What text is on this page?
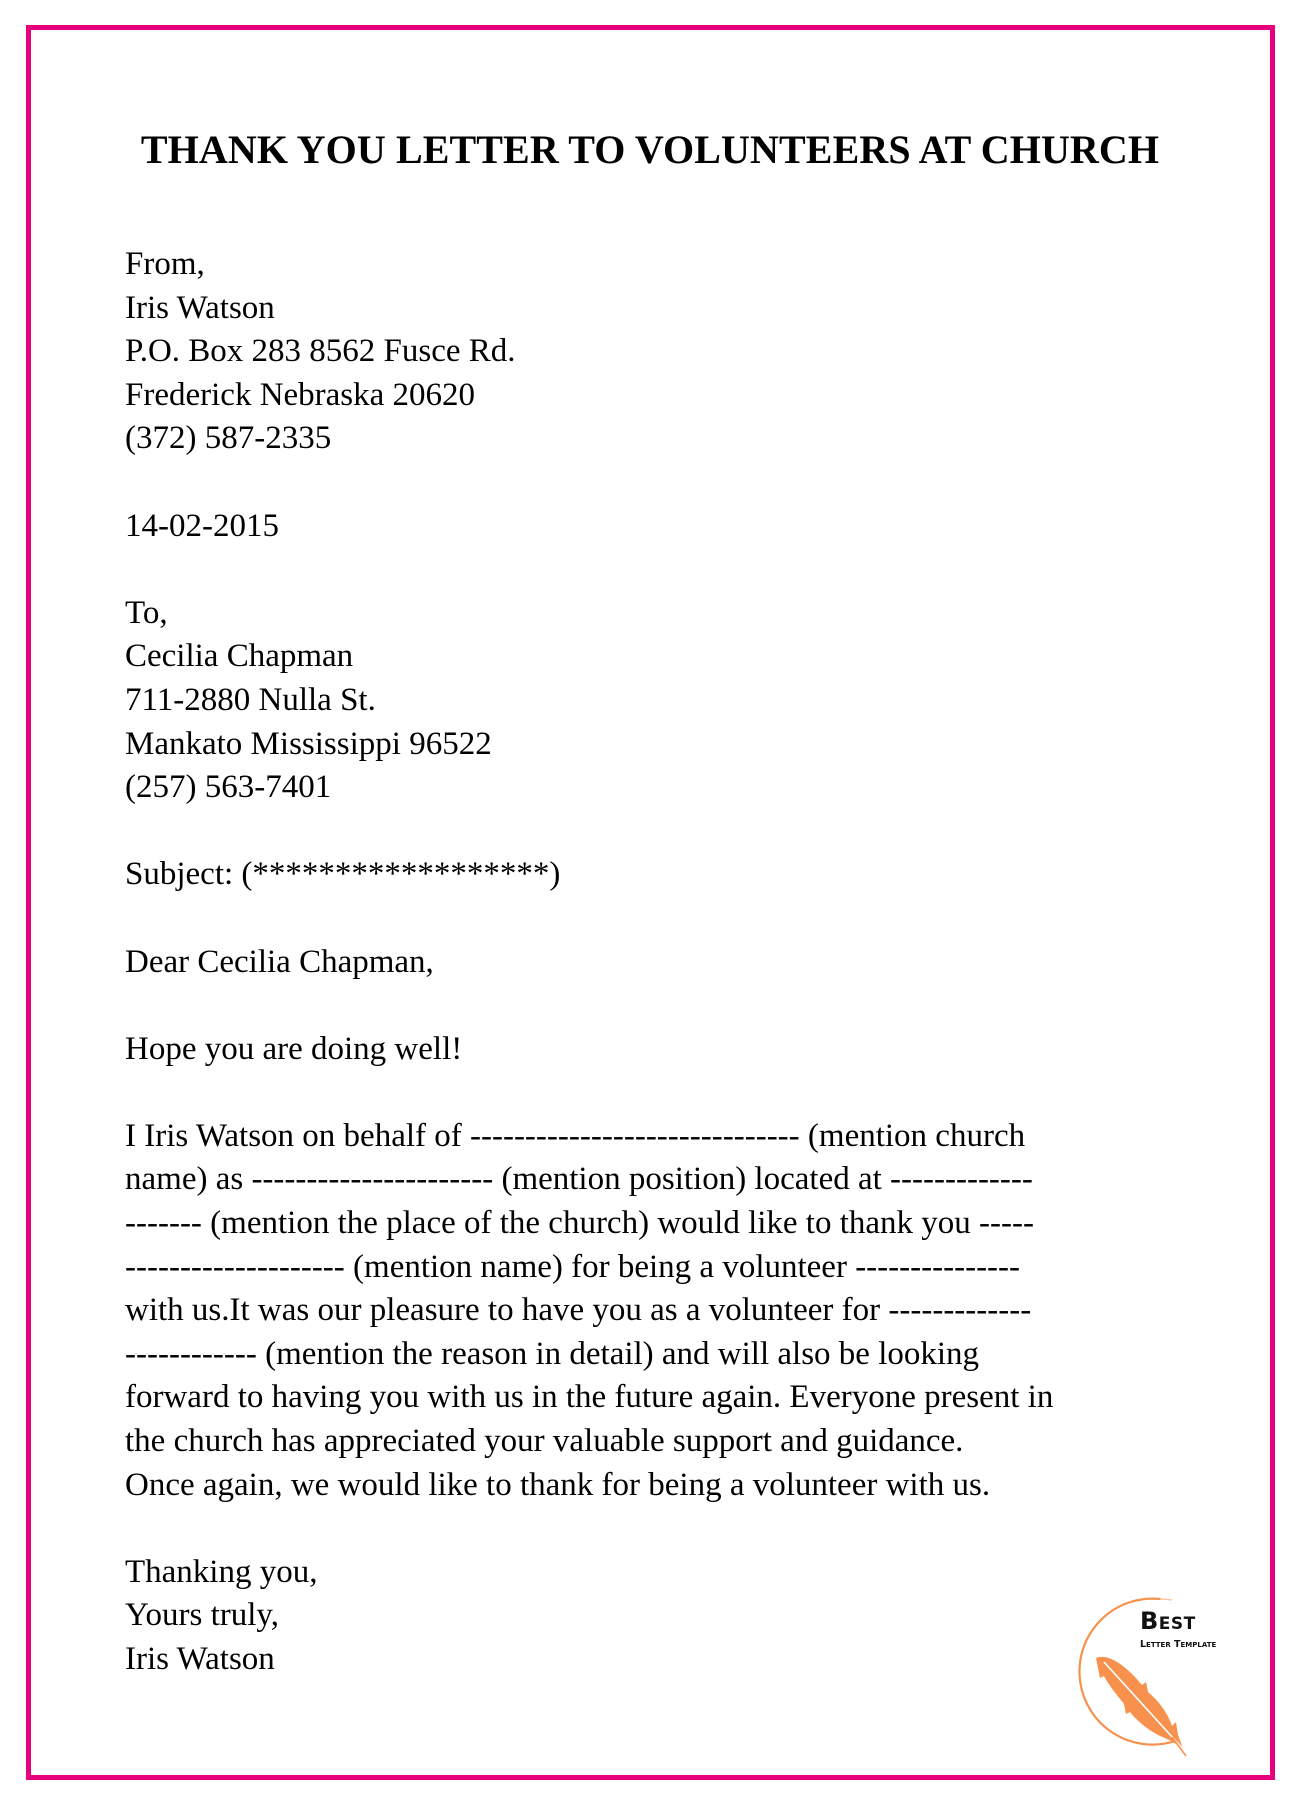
THANK YOU LETTER TO VOLUNTEERS AT CHURCH
From,
Iris Watson
P.O. Box 283 8562 Fusce Rd.
Frederick Nebraska 20620
(372) 587-2335
14-02-2015
To,
Cecilia Chapman
711-2880 Nulla St.
Mankato Mississippi 96522
(257) 563-7401
Subject: (******************)
Dear Cecilia Chapman,
Hope you are doing well!
I Iris Watson on behalf of ------------------------------ (mention church
name) as ---------------------- (mention position) located at -------------
------- (mention the place of the church) would like to thank you -----
-------------------- (mention name) for being a volunteer ---------------
with us.It was our pleasure to have you as a volunteer for -------------
------------ (mention the reason in detail) and will also be looking
forward to having you with us in the future again. Everyone present in
the church has appreciated your valuable support and guidance.
Once again, we would like to thank for being a volunteer with us.
Thanking you,
Yours truly,
Iris Watson
Best
Letter Template
